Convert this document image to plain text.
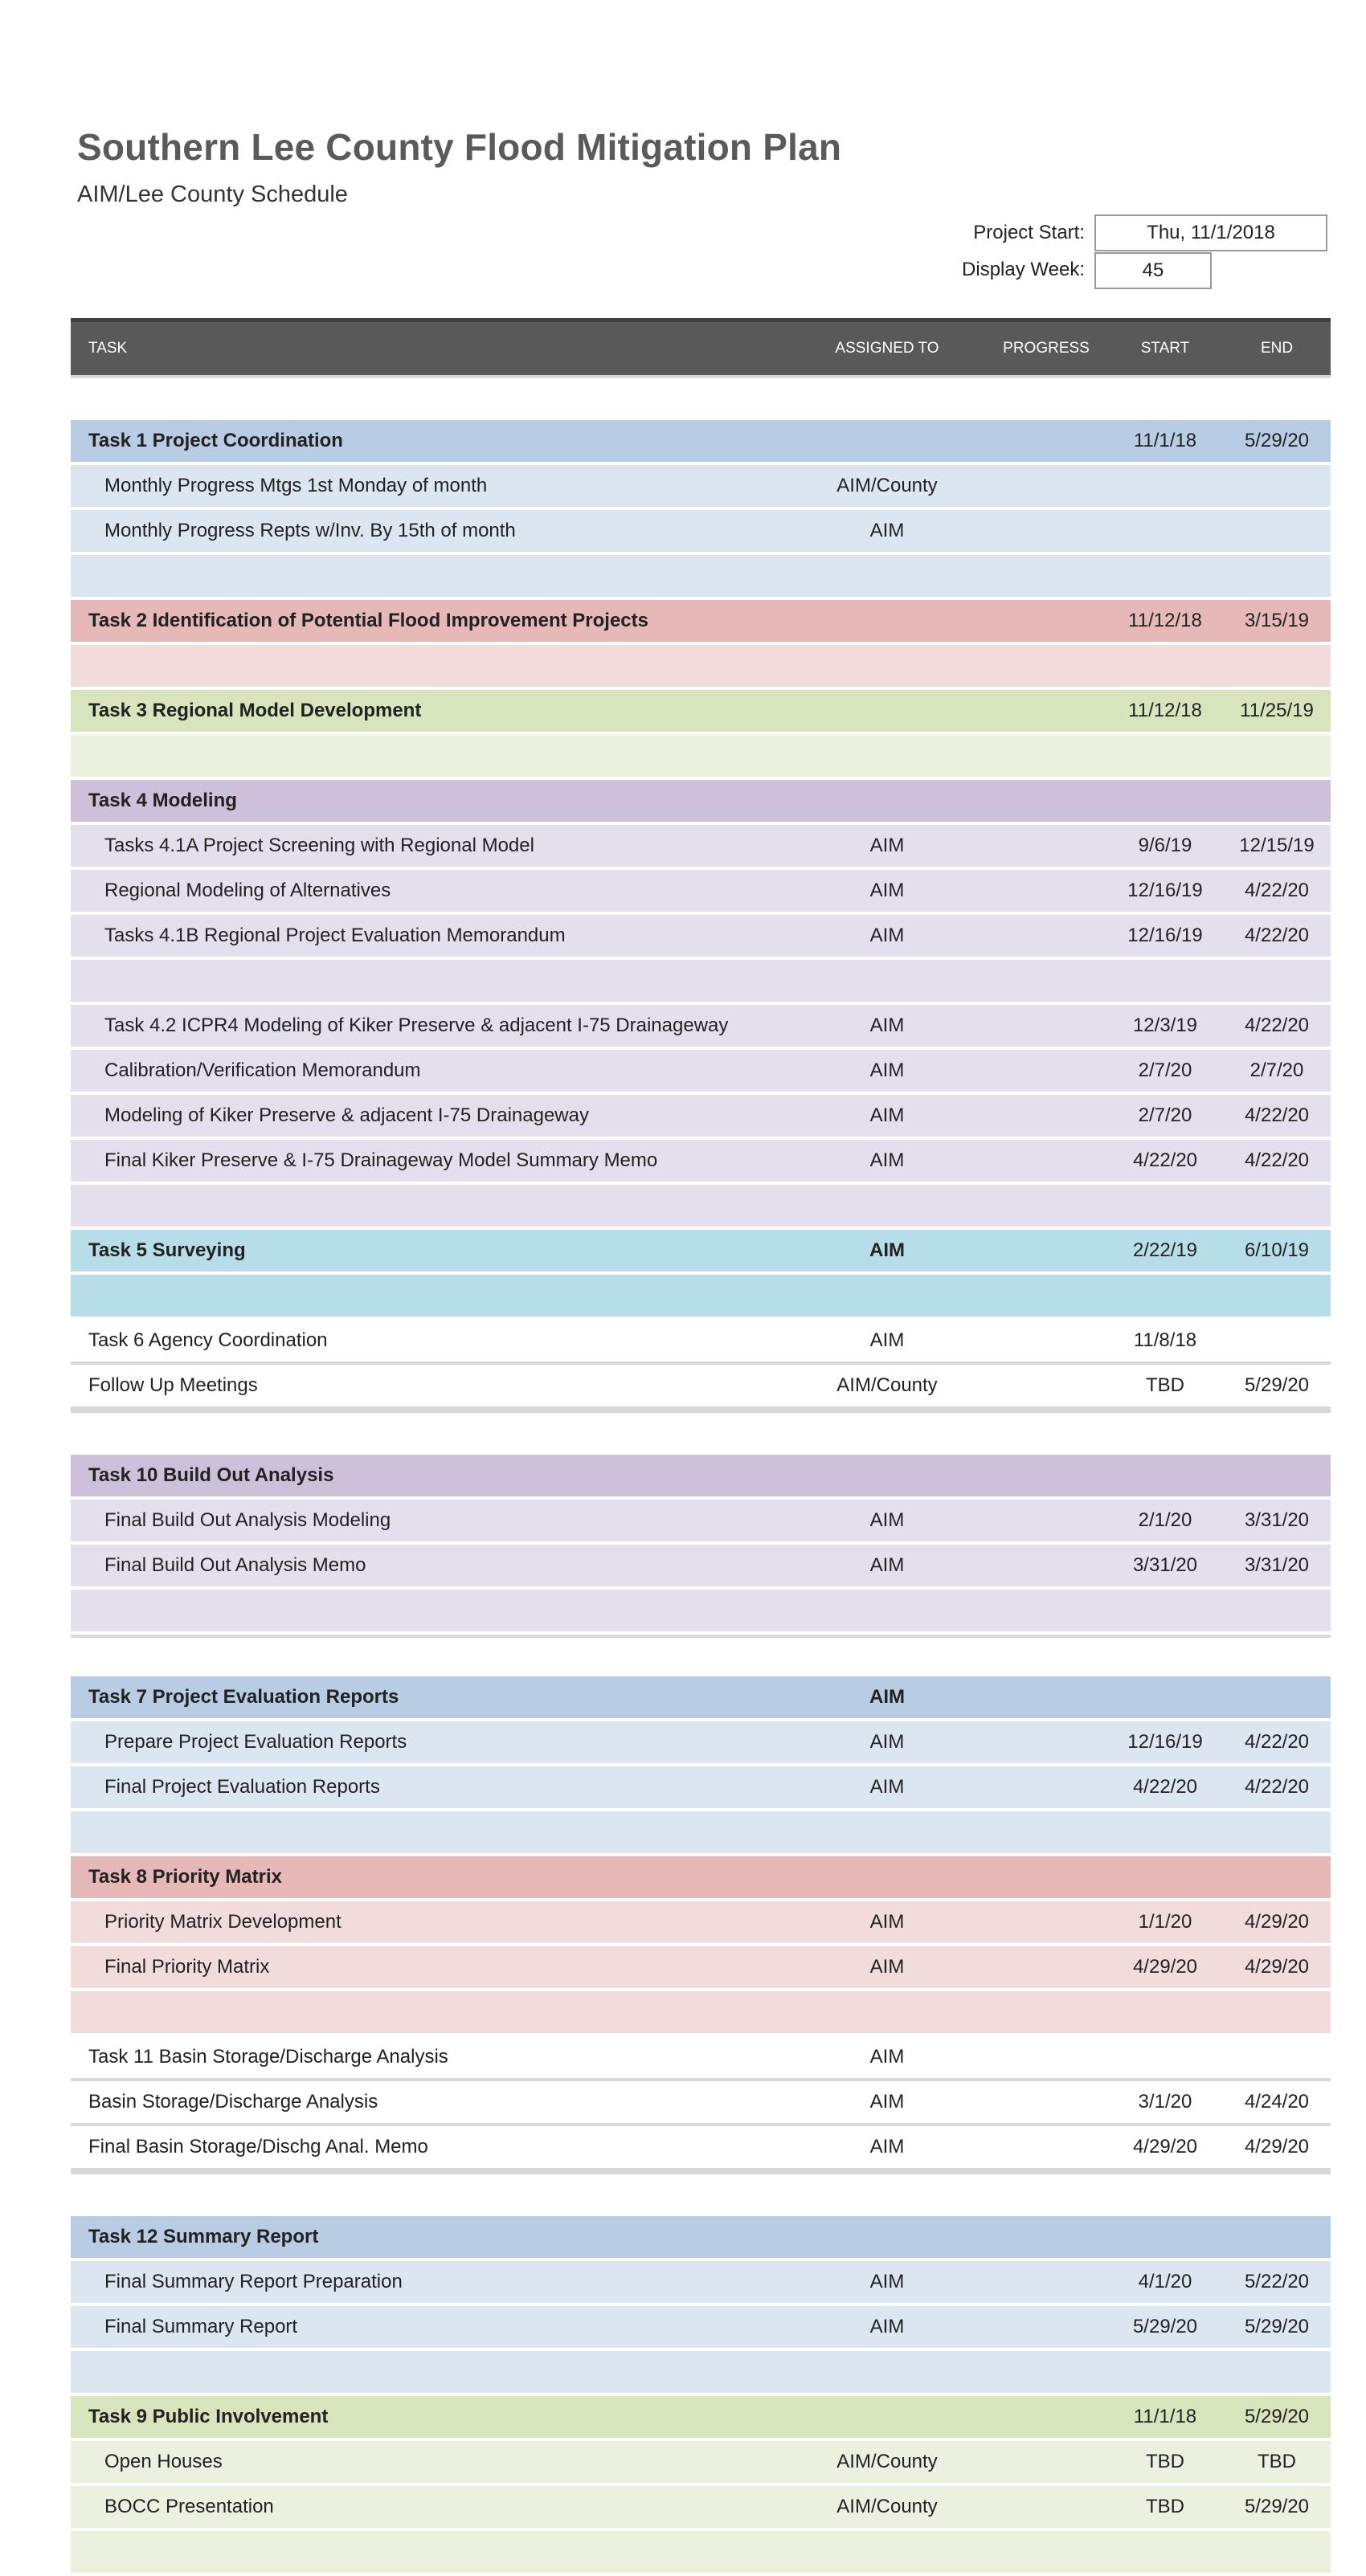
Southern Lee County Flood Mitigation Plan
AIM/Lee County Schedule
Project Start:	Thu, 11/1/2018
Display Week:	45
TASK	ASSIGNED TO	PROGRESS	START	END
Task 1 Project Coordination	11/1/18	5/29/20
Monthly Progress Mtgs 1st Monday of month	AIM/County
Monthly Progress Repts w/Inv. By 15th of month	AIM
Task 2 Identification of Potential Flood Improvement Projects	11/12/18	3/15/19
Task 3 Regional Model Development	11/12/18	11/25/19
Task 4 Modeling
Tasks 4.1A Project Screening with Regional Model	AIM	9/6/19	12/15/19
Regional Modeling of Alternatives	AIM	12/16/19	4/22/20
Tasks 4.1B Regional Project Evaluation Memorandum	AIM	12/16/19	4/22/20
Task 4.2 ICPR4 Modeling of Kiker Preserve & adjacent I-75 Drainageway	AIM	12/3/19	4/22/20
Calibration/Verification Memorandum	AIM	2/7/20	2/7/20
Modeling of Kiker Preserve & adjacent I-75 Drainageway	AIM	2/7/20	4/22/20
Final Kiker Preserve & I-75 Drainageway Model Summary Memo	AIM	4/22/20	4/22/20
Task 5 Surveying	AIM	2/22/19	6/10/19
Task 6 Agency Coordination	AIM	11/8/18
Follow Up Meetings	AIM/County	TBD	5/29/20
Task 10 Build Out Analysis
Final Build Out Analysis Modeling	AIM	2/1/20	3/31/20
Final Build Out Analysis Memo	AIM	3/31/20	3/31/20
Task 7 Project Evaluation Reports	AIM
Prepare Project Evaluation Reports	AIM	12/16/19	4/22/20
Final Project Evaluation Reports	AIM	4/22/20	4/22/20
Task 8 Priority Matrix
Priority Matrix Development	AIM	1/1/20	4/29/20
Final Priority Matrix	AIM	4/29/20	4/29/20
Task 11 Basin Storage/Discharge Analysis	AIM
Basin Storage/Discharge Analysis	AIM	3/1/20	4/24/20
Final Basin Storage/Dischg Anal. Memo	AIM	4/29/20	4/29/20
Task 12 Summary Report
Final Summary Report Preparation	AIM	4/1/20	5/22/20
Final Summary Report	AIM	5/29/20	5/29/20
Task 9 Public Involvement	11/1/18	5/29/20
Open Houses	AIM/County	TBD	TBD
BOCC Presentation	AIM/County	TBD	5/29/20
